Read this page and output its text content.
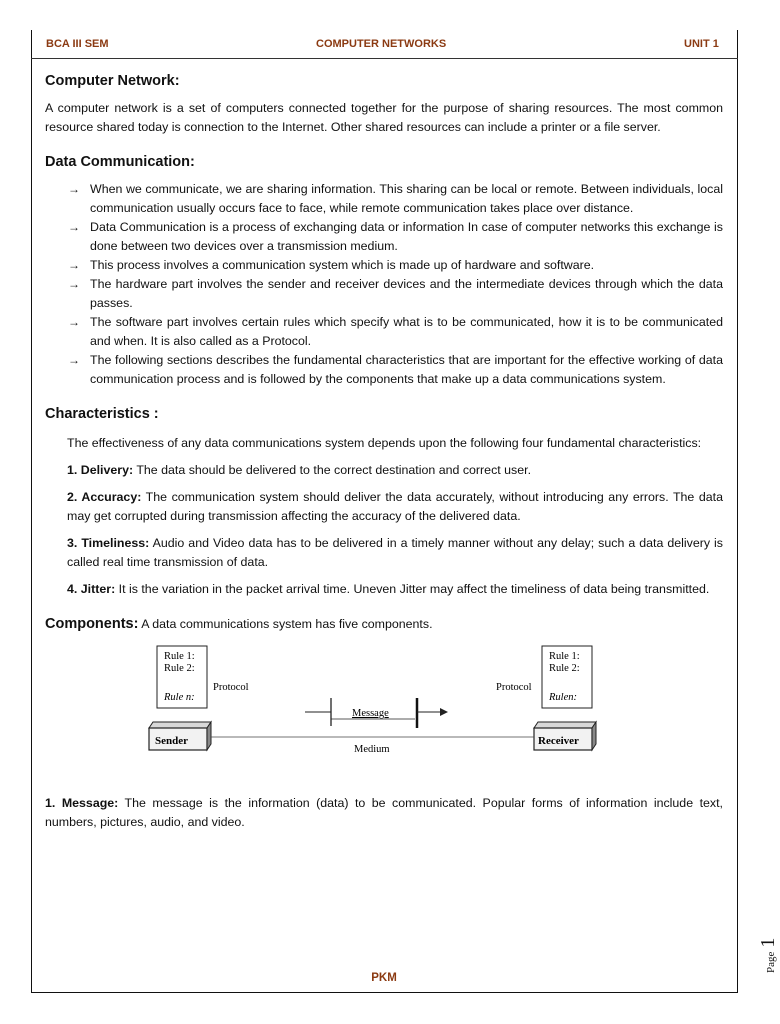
BCA III SEM	COMPUTER NETWORKS	UNIT 1
Computer Network:

A computer network is a set of computers connected together for the purpose of sharing resources. The most common resource shared today is connection to the Internet. Other shared resources can include a printer or a file server.

Data Communication:
→ When we communicate, we are sharing information. This sharing can be local or remote. Between individuals, local communication usually occurs face to face, while remote communication takes place over distance.
→ Data Communication is a process of exchanging data or information In case of computer networks this exchange is done between two devices over a transmission medium.
→ This process involves a communication system which is made up of hardware and software.
→ The hardware part involves the sender and receiver devices and the intermediate devices through which the data passes.
→ The software part involves certain rules which specify what is to be communicated, how it is to be communicated and when. It is also called as a Protocol.
→ The following sections describes the fundamental characteristics that are important for the effective working of data communication process and is followed by the components that make up a data communications system.
Characteristics :

The effectiveness of any data communications system depends upon the following four fundamental characteristics:

1. Delivery: The data should be delivered to the correct destination and correct user.

2. Accuracy: The communication system should deliver the data accurately, without introducing any errors. The data may get corrupted during transmission affecting the accuracy of the delivered data.

3. Timeliness: Audio and Video data has to be delivered in a timely manner without any delay; such a data delivery is called real time transmission of data.

4. Jitter: It is the variation in the packet arrival time. Uneven Jitter may affect the timeliness of data being transmitted.

Components: A data communications system has five components.

Rule 1:
Rule 2:
Rule n:
Protocol
Rule 1:
Rule 2:
Rulen:
Protocol
Message
Sender	Receiver
Medium

1. Message: The message is the information (data) to be communicated. Popular forms of information include text, numbers, pictures, audio, and video.

PKM
Page 1
